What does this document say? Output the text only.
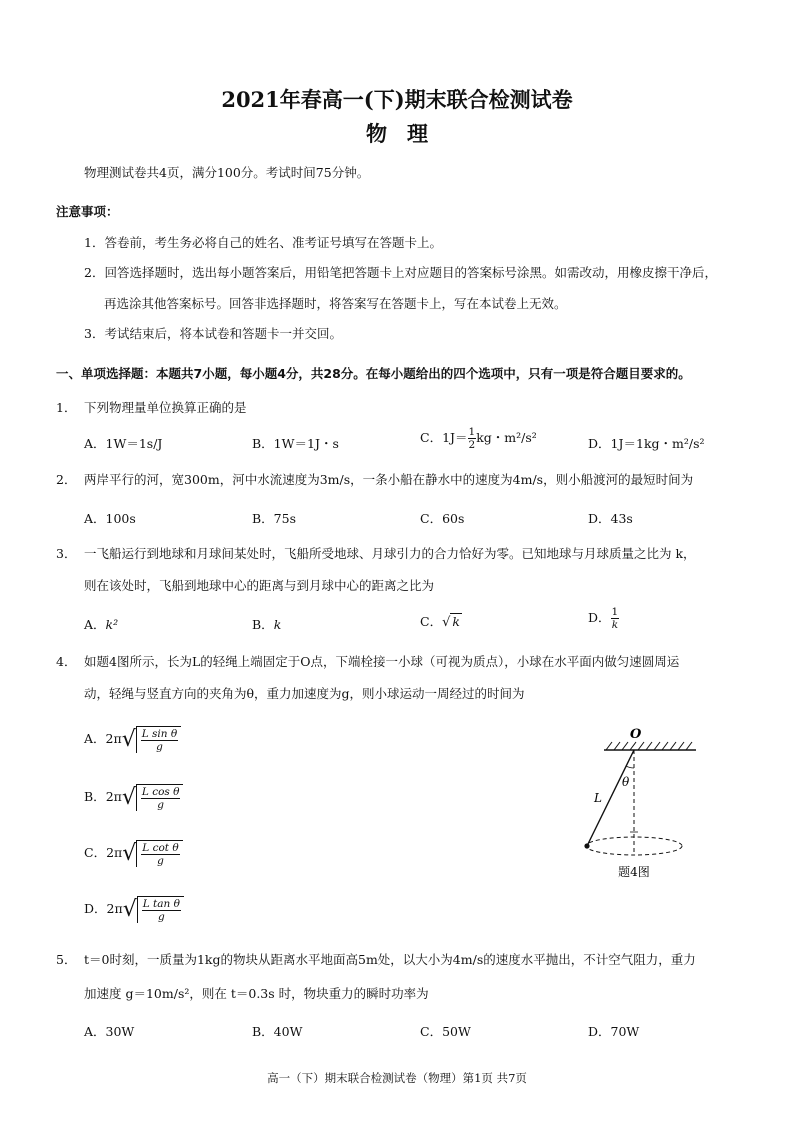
2021年春高一(下)期末联合检测试卷
物理
物理测试卷共4页，满分100分。考试时间75分钟。
注意事项：
1．答卷前，考生务必将自己的姓名、准考证号填写在答题卡上。
2．回答选择题时，选出每小题答案后，用铅笔把答题卡上对应题目的答案标号涂黑。如需改动，用橡皮擦干净后，
再选涂其他答案标号。回答非选择题时，将答案写在答题卡上，写在本试卷上无效。
3．考试结束后，将本试卷和答题卡一并交回。
一、单项选择题：本题共7小题，每小题4分，共28分。在每小题给出的四个选项中，只有一项是符合题目要求的。
1． 下列物理量单位换算正确的是
A．1W＝1s/J	B．1W＝1J・s	C．$1J= \frac{1}{2}$ kg・m²/s²	D．1J＝1kg・m²/s²
2． 两岸平行的河，宽300m，河中水流速度为3m/s，一条小船在静水中的速度为4m/s，则小船渡河的最短时间为
A．100s	B．75s	C．60s	D．43s
3． 一飞船运行到地球和月球间某处时，飞船所受地球、月球引力的合力恰好为零。已知地球与月球质量之比为 k，
则在该处时，飞船到地球中心的距离与到月球中心的距离之比为
A．k²	B．k	C．√ k	D． $\frac{1}{k}$
4． 如题4图所示，长为L的轻绳上端固定于O点，下端栓接一小球（可视为质点），小球在水平面内做匀速圆周运
动，轻绳与竖直方向的夹角为θ，重力加速度为g，则小球运动一周经过的时间为
A．$2\pi√ \frac{\text{L sin θ}}{g}$
B．$2\pi√ \frac{\text{L cos θ}}{g}$
C．$2\pi√ \frac{\text{L cot θ}}{g}$
D．$2\pi√ \frac{\text{L tan θ}}{g}$
O
θ
L
题4图
5． t＝0时刻，一质量为1kg的物块从距离水平地面高5m处，以大小为4m/s的速度水平抛出，不计空气阻力，重力
加速度 g＝10m/s²，则在 t＝0.3s 时，物块重力的瞬时功率为
A．30W	B．40W	C．50W	D．70W
高一（下）期末联合检测试卷（物理）第1页 共7页
